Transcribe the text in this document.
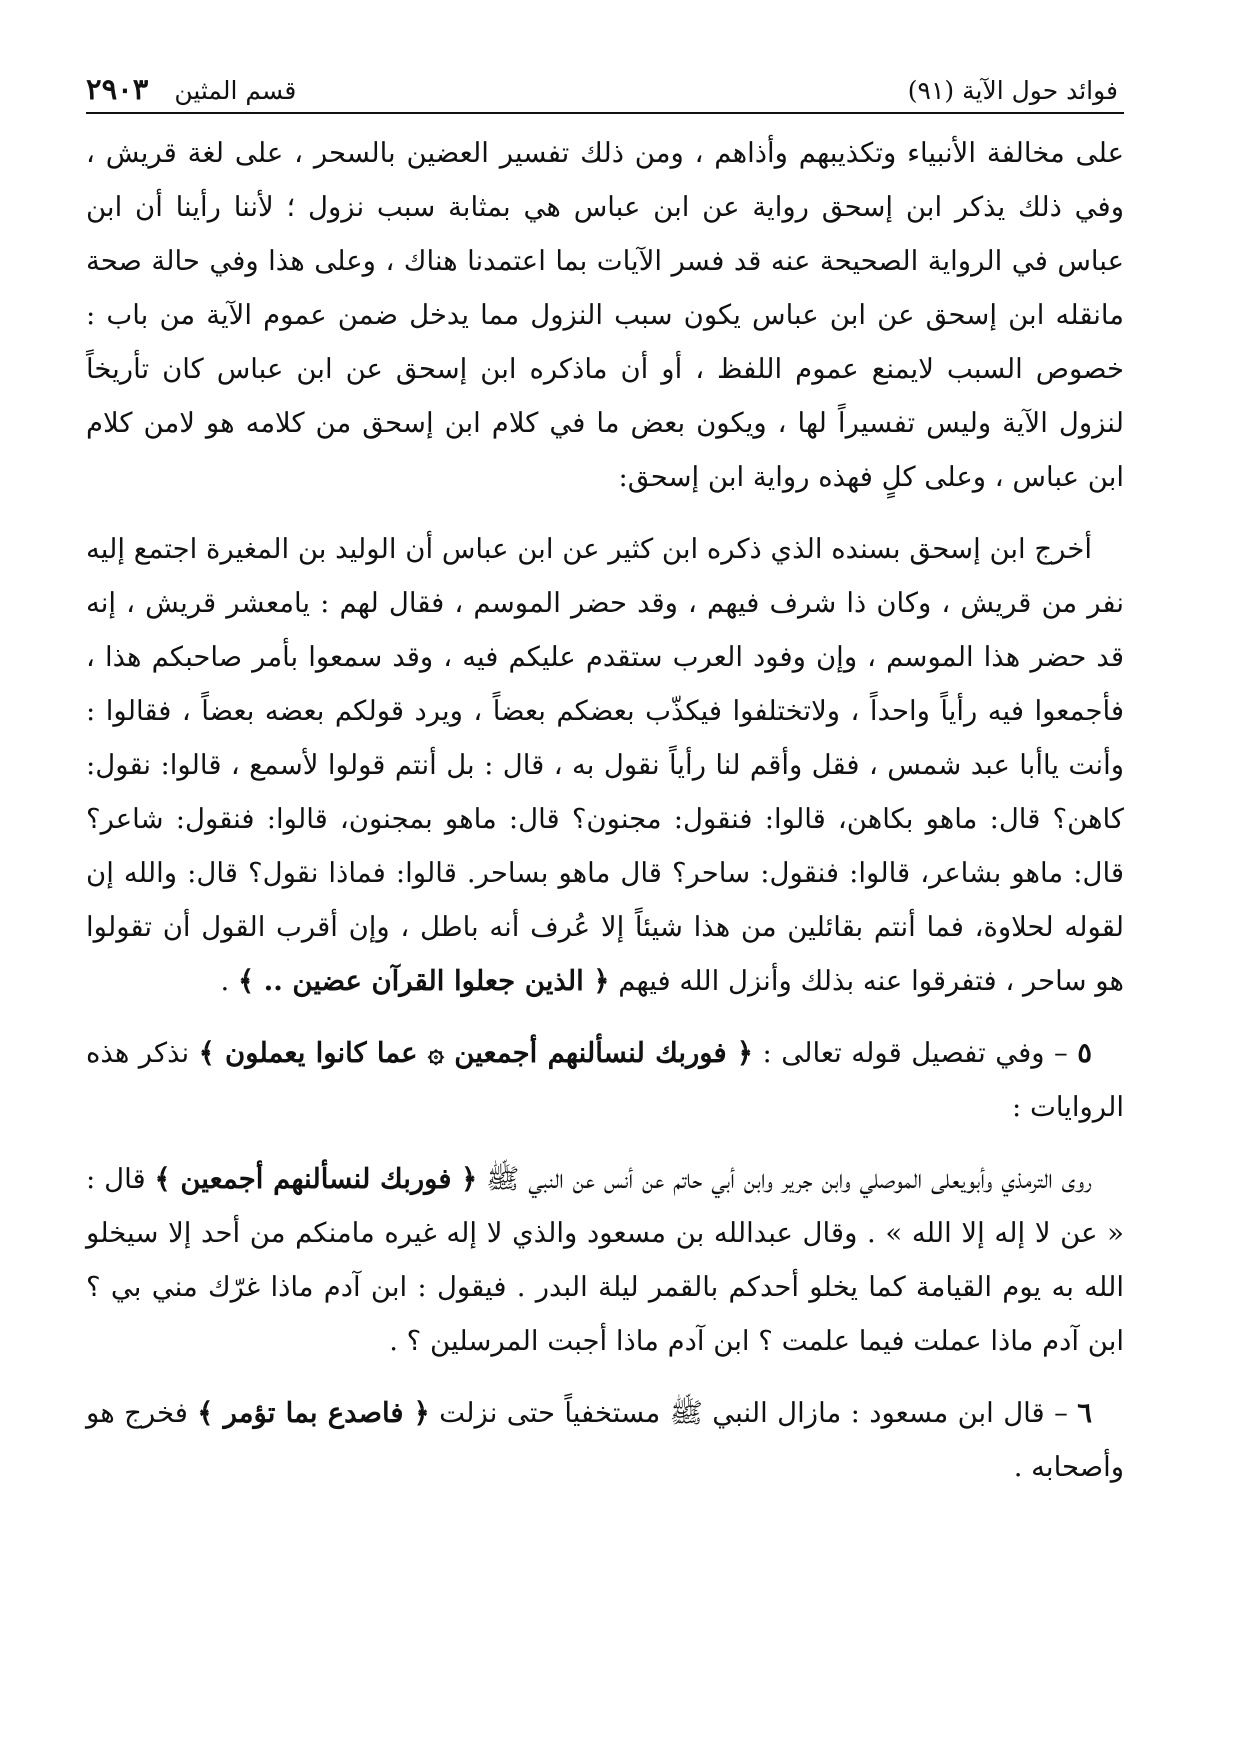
فوائد حول الآية (٩١)
قسم المثين
٢٩٠٣

على مخالفة الأنبياء وتكذيبهم وأذاهم ، ومن ذلك تفسير العضين بالسحر ، على لغة قريش ، وفي ذلك يذكر ابن إسحق رواية عن ابن عباس هي بمثابة سبب نزول ؛ لأننا رأينا أن ابن عباس في الرواية الصحيحة عنه قد فسر الآيات بما اعتمدنا هناك ، وعلى هذا وفي حالة صحة مانقله ابن إسحق عن ابن عباس يكون سبب النزول مما يدخل ضمن عموم الآية من باب : خصوص السبب لايمنع عموم اللفظ ، أو أن ماذكره ابن إسحق عن ابن عباس كان تأريخاً لنزول الآية وليس تفسيراً لها ، ويكون بعض ما في كلام ابن إسحق من كلامه هو لامن كلام ابن عباس ، وعلى كلٍ فهذه رواية ابن إسحق:

أخرج ابن إسحق بسنده الذي ذكره ابن كثير عن ابن عباس أن الوليد بن المغيرة اجتمع إليه نفر من قريش ، وكان ذا شرف فيهم ، وقد حضر الموسم ، فقال لهم : يامعشر قريش ، إنه قد حضر هذا الموسم ، وإن وفود العرب ستقدم عليكم فيه ، وقد سمعوا بأمر صاحبكم هذا ، فأجمعوا فيه رأياً واحداً ، ولاتختلفوا فيكذّب بعضكم بعضاً ، ويرد قولكم بعضه بعضاً ، فقالوا : وأنت ياأبا عبد شمس ، فقل وأقم لنا رأياً نقول به ، قال : بل أنتم قولوا لأسمع ، قالوا: نقول: كاهن؟ قال: ماهو بكاهن، قالوا: فنقول: مجنون؟ قال: ماهو بمجنون، قالوا: فنقول: شاعر؟ قال: ماهو بشاعر، قالوا: فنقول: ساحر؟ قال ماهو بساحر. قالوا: فماذا نقول؟ قال: والله إن لقوله لحلاوة، فما أنتم بقائلين من هذا شيئاً إلا عُرف أنه باطل ، وإن أقرب القول أن تقولوا هو ساحر ، فتفرقوا عنه بذلك وأنزل الله فيهم ﴿ الذين جعلوا القرآن عضين .. ﴾ .

٥ – وفي تفصيل قوله تعالى : ﴿ فوربك لنسألنهم أجمعين ۞ عما كانوا يعملون ﴾ نذكر هذه الروايات :

روى الترمذي وأبويعلى الموصلي وابن جرير وابن أبي حاتم عن أنس عن النبي ﷺ ﴿ فوربك لنسألنهم أجمعين ﴾ قال : « عن لا إله إلا الله » . وقال عبدالله بن مسعود والذي لا إله غيره مامنكم من أحد إلا سيخلو الله به يوم القيامة كما يخلو أحدكم بالقمر ليلة البدر . فيقول : ابن آدم ماذا غرّك مني بي ؟ ابن آدم ماذا عملت فيما علمت ؟ ابن آدم ماذا أجبت المرسلين ؟ .

٦ – قال ابن مسعود : مازال النبي ﷺ مستخفياً حتى نزلت ﴿ فاصدع بما تؤمر ﴾ فخرج هو وأصحابه .
